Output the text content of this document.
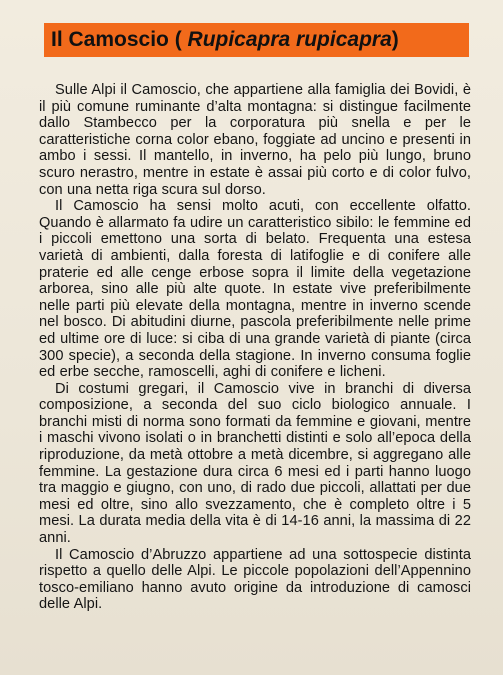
Il Camoscio ( Rupicapra rupicapra)

Sulle Alpi il Camoscio, che appartiene alla famiglia dei Bovidi, è il più comune ruminante d’alta montagna: si distingue facilmente dallo Stambecco per la corporatura più snella e per le caratteristiche corna color ebano, foggiate ad uncino e presenti in ambo i sessi. Il mantello, in inverno, ha pelo più lungo, bruno scuro nerastro, mentre in estate è assai più corto e di color fulvo, con una netta riga scura sul dorso.

Il Camoscio ha sensi molto acuti, con eccellente olfatto. Quando è allarmato fa udire un caratteristico sibilo: le femmine ed i piccoli emettono una sorta di belato. Frequenta una estesa varietà di ambienti, dalla foresta di latifoglie e di conifere alle praterie ed alle cenge erbose sopra il limite della vegetazione arborea, sino alle più alte quote. In estate vive preferibilmente nelle parti più elevate della montagna, mentre in inverno scende nel bosco. Di abitudini diurne, pascola preferibilmente nelle prime ed ultime ore di luce: si ciba di una grande varietà di piante (circa 300 specie), a seconda della stagione. In inverno consuma foglie ed erbe secche, ramoscelli, aghi di conifere e licheni.

Di costumi gregari, il Camoscio vive in branchi di diversa composizione, a seconda del suo ciclo biologico annuale. I branchi misti di norma sono formati da femmine e giovani, mentre i maschi vivono isolati o in branchetti distinti e solo all’epoca della riproduzione, da metà ottobre a metà dicembre, si aggregano alle femmine. La gestazione dura circa 6 mesi ed i parti hanno luogo tra maggio e giugno, con uno, di rado due piccoli, allattati per due mesi ed oltre, sino allo svezzamento, che è completo oltre i 5 mesi. La durata media della vita è di 14-16 anni, la massima di 22 anni.

Il Camoscio d’Abruzzo appartiene ad una sottospecie distinta rispetto a quello delle Alpi. Le piccole popolazioni dell’Appennino tosco-emiliano hanno avuto origine da introduzione di camosci delle Alpi.
